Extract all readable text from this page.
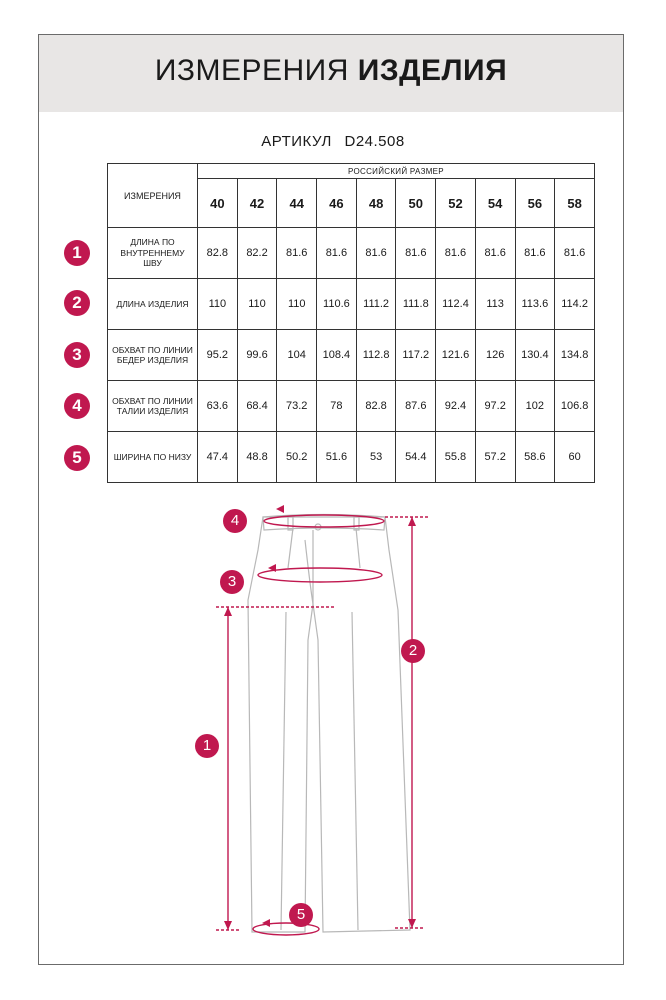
ИЗМЕРЕНИЯ ИЗДЕЛИЯ
АРТИКУЛ D24.508
ИЗМЕРЕНИЯ	РОССИЙСКИЙ РАЗМЕР									
	40	42	44	46	48	50	52	54	56	58
ДЛИНА ПО ВНУТРЕННЕМУ ШВУ	82.8	82.2	81.6	81.6	81.6	81.6	81.6	81.6	81.6	81.6
ДЛИНА ИЗДЕЛИЯ	110	110	110	110.6	111.2	111.8	112.4	113	113.6	114.2
ОБХВАТ ПО ЛИНИИ БЕДЕР ИЗДЕЛИЯ	95.2	99.6	104	108.4	112.8	117.2	121.6	126	130.4	134.8
ОБХВАТ ПО ЛИНИИ ТАЛИИ ИЗДЕЛИЯ	63.6	68.4	73.2	78	82.8	87.6	92.4	97.2	102	106.8
ШИРИНА ПО НИЗУ	47.4	48.8	50.2	51.6	53	54.4	55.8	57.2	58.6	60
1
2
3
4
5
4
3
2
1
5
